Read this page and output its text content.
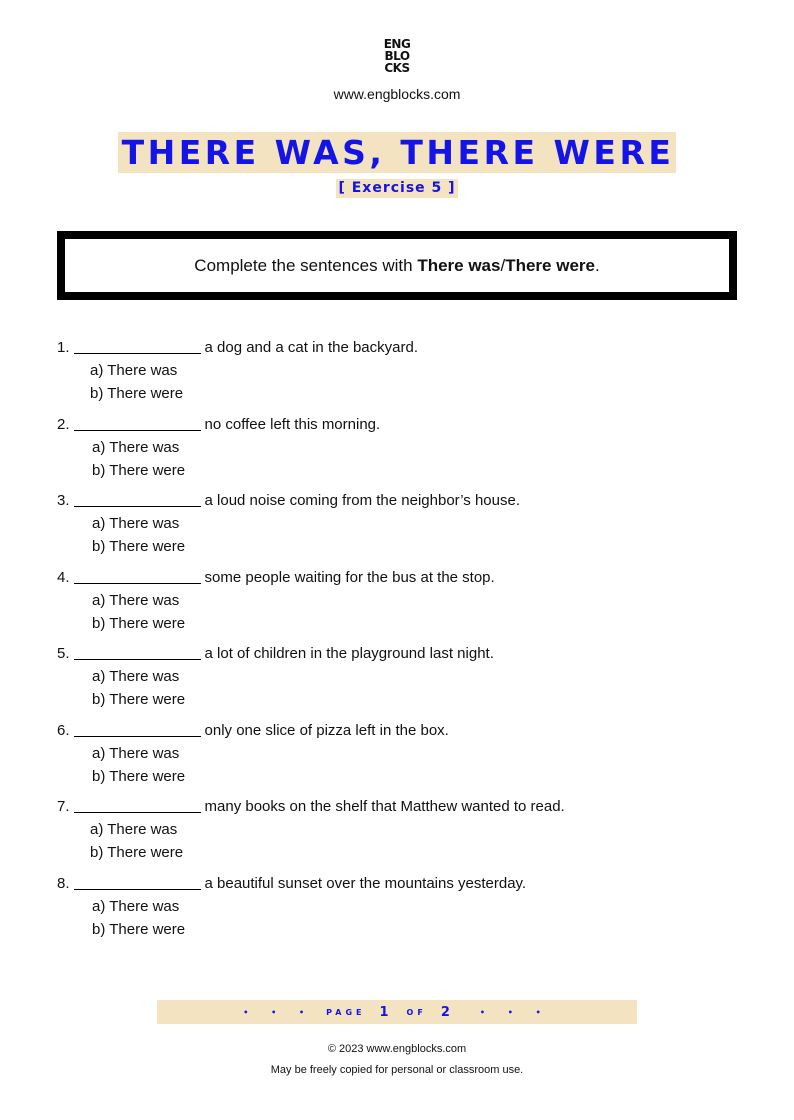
ENG
BLO
CKS
www.engblocks.com
THERE WAS, THERE WERE
[ Exercise 5 ]
Complete the sentences with There was/There were.
1.	a dog and a cat in the backyard.
a) There was
b) There were
2.	no coffee left this morning.
a) There was
b) There were
3.	a loud noise coming from the neighbor’s house.
a) There was
b) There were
4.	some people waiting for the bus at the stop.
a) There was
b) There were
5.	a lot of children in the playground last night.
a) There was
b) There were
6.	only one slice of pizza left in the box.
a) There was
b) There were
7.	many books on the shelf that Matthew wanted to read.
a) There was
b) There were
8.	a beautiful sunset over the mountains yesterday.
a) There was
b) There were
• • • PAGE 1 OF 2	• • •
© 2023 www.engblocks.com
May be freely copied for personal or classroom use.
